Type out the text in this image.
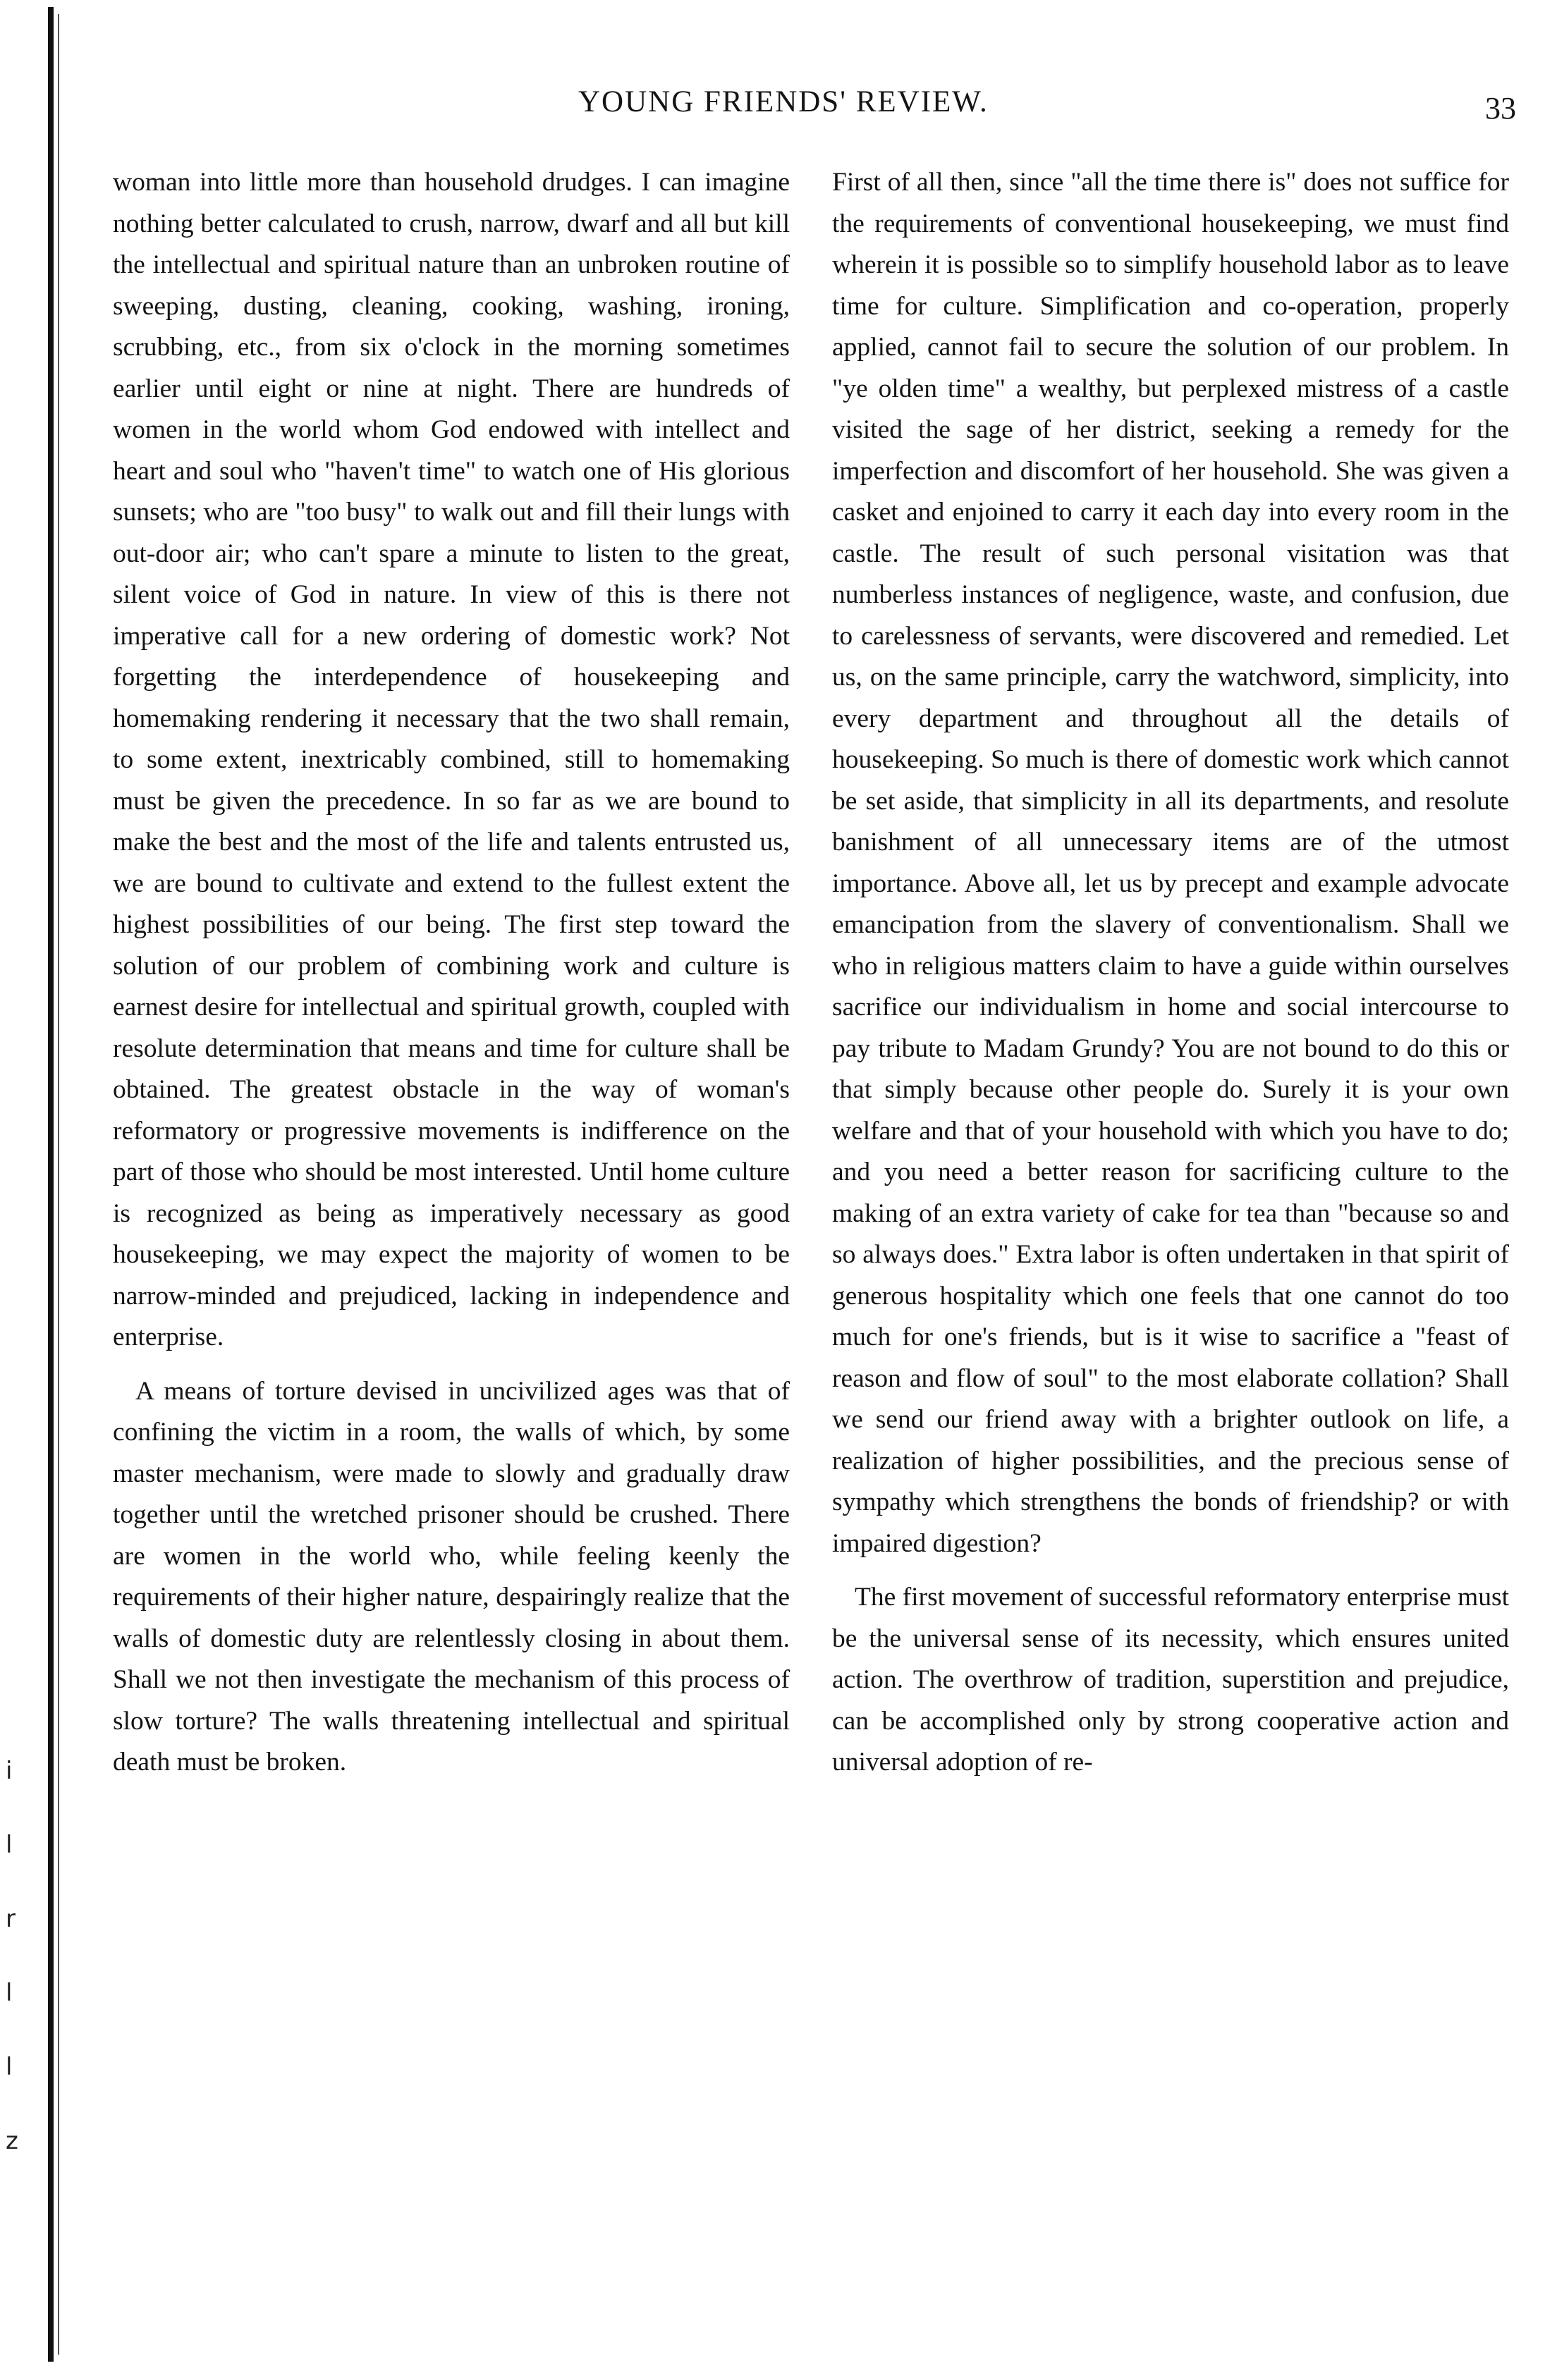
i
l
r
l
l
z
YOUNG FRIENDS' REVIEW.	33

woman into little more than household drudges. I can imagine nothing better calculated to crush, narrow, dwarf and all but kill the intellectual and spiritual nature than an unbroken routine of sweeping, dusting, cleaning, cooking, washing, ironing, scrubbing, etc., from six o'clock in the morning sometimes earlier until eight or nine at night. There are hundreds of women in the world whom God endowed with intellect and heart and soul who "haven't time" to watch one of His glorious sunsets; who are "too busy" to walk out and fill their lungs with out-door air; who can't spare a minute to listen to the great, silent voice of God in nature. In view of this is there not imperative call for a new ordering of domestic work? Not forgetting the interdependence of housekeeping and homemaking rendering it necessary that the two shall remain, to some extent, inextricably combined, still to homemaking must be given the precedence. In so far as we are bound to make the best and the most of the life and talents entrusted us, we are bound to cultivate and extend to the fullest extent the highest possibilities of our being. The first step toward the solution of our problem of combining work and culture is earnest desire for intellectual and spiritual growth, coupled with resolute determination that means and time for culture shall be obtained. The greatest obstacle in the way of woman's reformatory or progressive movements is indifference on the part of those who should be most interested. Until home culture is recognized as being as imperatively necessary as good housekeeping, we may expect the majority of women to be narrow-minded and prejudiced, lacking in independence and enterprise.

A means of torture devised in uncivilized ages was that of confining the victim in a room, the walls of which, by some master mechanism, were made to slowly and gradually draw together until the wretched prisoner should be crushed. There are women in the world who, while feeling keenly the requirements of their higher nature, despairingly realize that the walls of domestic duty are relentlessly closing in about them. Shall we not then investigate the mechanism of this process of slow torture? The walls threatening intellectual and spiritual death must be broken.

First of all then, since "all the time there is" does not suffice for the requirements of conventional housekeeping, we must find wherein it is possible so to simplify household labor as to leave time for culture. Simplification and co-operation, properly applied, cannot fail to secure the solution of our problem. In "ye olden time" a wealthy, but perplexed mistress of a castle visited the sage of her district, seeking a remedy for the imperfection and discomfort of her household. She was given a casket and enjoined to carry it each day into every room in the castle. The result of such personal visitation was that numberless instances of negligence, waste, and confusion, due to carelessness of servants, were discovered and remedied. Let us, on the same principle, carry the watchword, simplicity, into every department and throughout all the details of housekeeping. So much is there of domestic work which cannot be set aside, that simplicity in all its departments, and resolute banishment of all unnecessary items are of the utmost importance. Above all, let us by precept and example advocate emancipation from the slavery of conventionalism. Shall we who in religious matters claim to have a guide within ourselves sacrifice our individualism in home and social intercourse to pay tribute to Madam Grundy? You are not bound to do this or that simply because other people do. Surely it is your own welfare and that of your household with which you have to do; and you need a better reason for sacrificing culture to the making of an extra variety of cake for tea than "because so and so always does." Extra labor is often undertaken in that spirit of generous hospitality which one feels that one cannot do too much for one's friends, but is it wise to sacrifice a "feast of reason and flow of soul" to the most elaborate collation? Shall we send our friend away with a brighter outlook on life, a realization of higher possibilities, and the precious sense of sympathy which strengthens the bonds of friendship? or with impaired digestion?

The first movement of successful reformatory enterprise must be the universal sense of its necessity, which ensures united action. The overthrow of tradition, superstition and prejudice, can be accomplished only by strong cooperative action and universal adoption of re-
